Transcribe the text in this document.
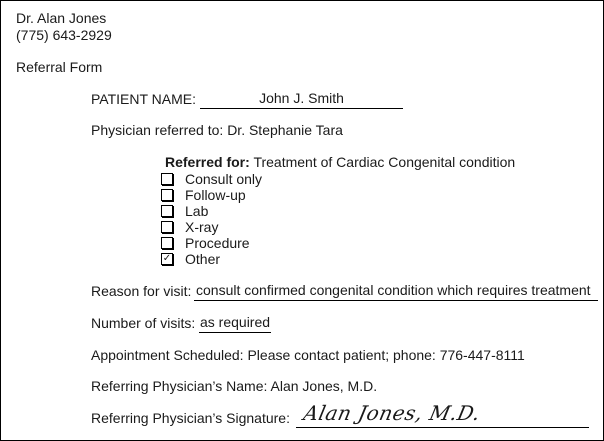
Dr. Alan Jones
(775) 643-2929
Referral Form
PATIENT NAME:	John J. Smith
Physician referred to: Dr. Stephanie Tara
Referred for: Treatment of Cardiac Congenital condition
Consult only
Follow-up
Lab
X-ray
Procedure
✓ Other
Reason for visit: consult confirmed congenital condition which requires treatment
Number of visits: as required
Appointment Scheduled: Please contact patient; phone: 776-447-8111
Referring Physician’s Name: Alan Jones, M.D.
Referring Physician’s Signature: Alan Jones, M.D.
